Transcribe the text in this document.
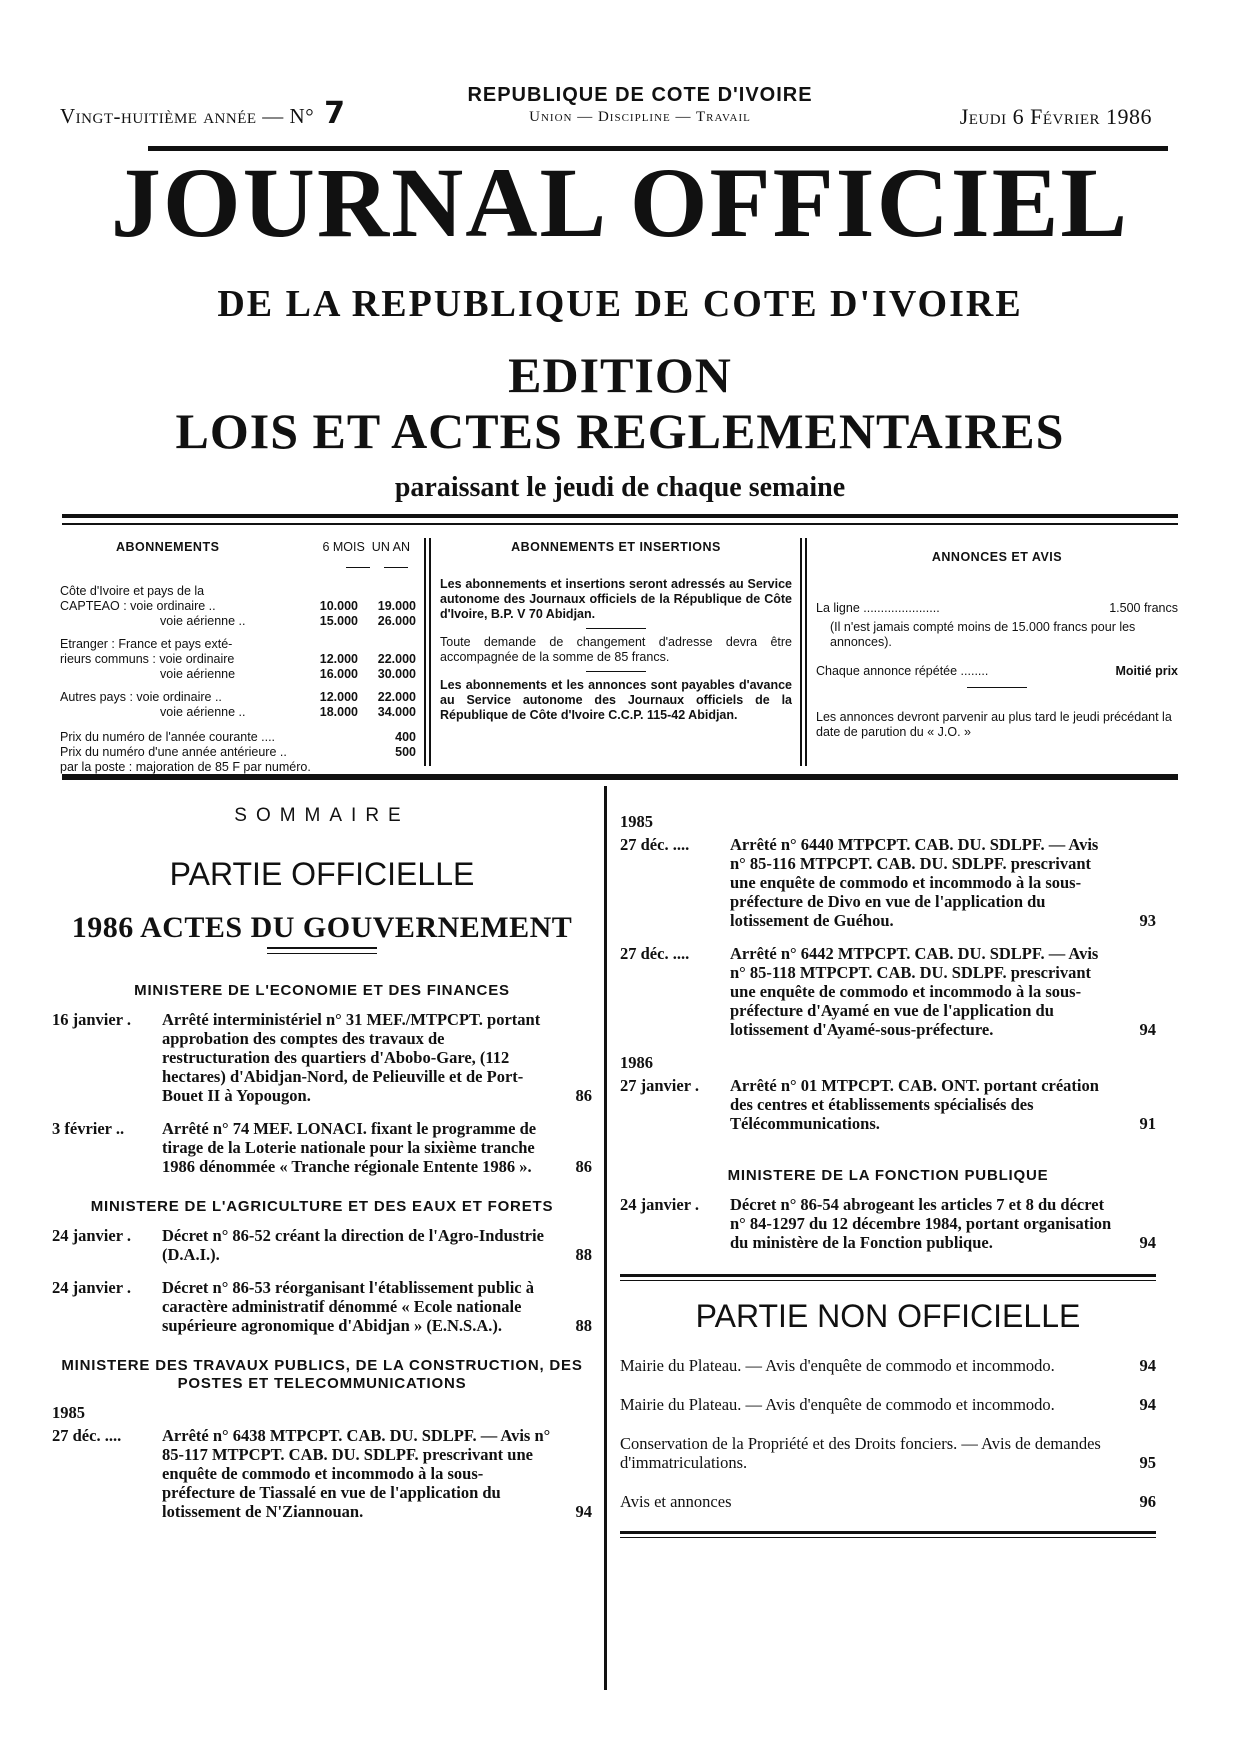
Vingt-huitième année — N° 7
REPUBLIQUE DE COTE D'IVOIRE
Union — Discipline — Travail	Jeudi 6 Février 1986
JOURNAL OFFICIEL
DE LA REPUBLIQUE DE COTE D'IVOIRE
EDITION
LOIS ET ACTES REGLEMENTAIRES
paraissant le jeudi de chaque semaine
ABONNEMENTS	6 MOIS UN AN

Côte d'Ivoire et pays de la
CAPTEAO : voie ordinaire ..	10.000 19.000
voie aérienne ..	15.000 26.000
Etranger : France et pays exté-
rieurs communs : voie ordinaire	12.000 22.000
voie aérienne	16.000 30.000
Autres pays : voie ordinaire ..	12.000 22.000
voie aérienne ..	18.000 34.000
Prix du numéro de l'année courante ....	400
Prix du numéro d'une année antérieure ..	500
par la poste : majoration de 85 F par numéro.
ABONNEMENTS ET INSERTIONS
Les abonnements et insertions seront adressés au Service autonome des Journaux officiels de la République de Côte d'Ivoire, B.P. V 70 Abidjan.
Toute demande de changement d'adresse devra être accompagnée de la somme de 85 francs.
Les abonnements et les annonces sont payables d'avance au Service autonome des Journaux officiels de la République de Côte d'Ivoire C.C.P. 115-42 Abidjan.
ANNONCES ET AVIS
La ligne ......................	1.500 francs
(Il n'est jamais compté moins de 15.000 francs pour les annonces).
Chaque annonce répétée ........	Moitié prix
Les annonces devront parvenir au plus tard le jeudi précédant la date de parution du « J.O. »
SOMMAIRE
PARTIE OFFICIELLE
1986 ACTES DU GOUVERNEMENT
MINISTERE DE L'ECONOMIE ET DES FINANCES
16 janvier .	Arrêté interministériel n° 31 MEF./MTPCPT. portant approbation des comptes des travaux de restructuration des quartiers d'Abobo-Gare, (112 hectares) d'Abidjan-Nord, de Pelieuville et de Port-Bouet II à Yopougon.	86
3 février ..	Arrêté n° 74 MEF. LONACI. fixant le programme de tirage de la Loterie nationale pour la sixième tranche 1986 dénommée « Tranche régionale Entente 1986 ».	86
MINISTERE DE L'AGRICULTURE ET DES EAUX ET FORETS
24 janvier .	Décret n° 86-52 créant la direction de l'Agro-Industrie (D.A.I.).	88
24 janvier .	Décret n° 86-53 réorganisant l'établissement public à caractère administratif dénommé « Ecole nationale supérieure agronomique d'Abidjan » (E.N.S.A.).	88
MINISTERE DES TRAVAUX PUBLICS, DE LA CONSTRUCTION, DES POSTES ET TELECOMMUNICATIONS
1985
27 déc. ....	Arrêté n° 6438 MTPCPT. CAB. DU. SDLPF. — Avis n° 85-117 MTPCPT. CAB. DU. SDLPF. prescrivant une enquête de commodo et incommodo à la sous-préfecture de Tiassalé en vue de l'application du lotissement de N'Ziannouan.	94
1985
27 déc. ....	Arrêté n° 6440 MTPCPT. CAB. DU. SDLPF. — Avis n° 85-116 MTPCPT. CAB. DU. SDLPF. prescrivant une enquête de commodo et incommodo à la sous-préfecture de Divo en vue de l'application du lotissement de Guéhou.	93
27 déc. ....	Arrêté n° 6442 MTPCPT. CAB. DU. SDLPF. — Avis n° 85-118 MTPCPT. CAB. DU. SDLPF. prescrivant une enquête de commodo et incommodo à la sous-préfecture d'Ayamé en vue de l'application du lotissement d'Ayamé-sous-préfecture.	94
1986
27 janvier .	Arrêté n° 01 MTPCPT. CAB. ONT. portant création des centres et établissements spécialisés des Télécommunications.	91
MINISTERE DE LA FONCTION PUBLIQUE
24 janvier .	Décret n° 86-54 abrogeant les articles 7 et 8 du décret n° 84-1297 du 12 décembre 1984, portant organisation du ministère de la Fonction publique.	94
PARTIE NON OFFICIELLE
Mairie du Plateau. — Avis d'enquête de commodo et incommodo.	94
Mairie du Plateau. — Avis d'enquête de commodo et incommodo.	94
Conservation de la Propriété et des Droits fonciers. — Avis de demandes d'immatriculations.	95
Avis et annonces	96
